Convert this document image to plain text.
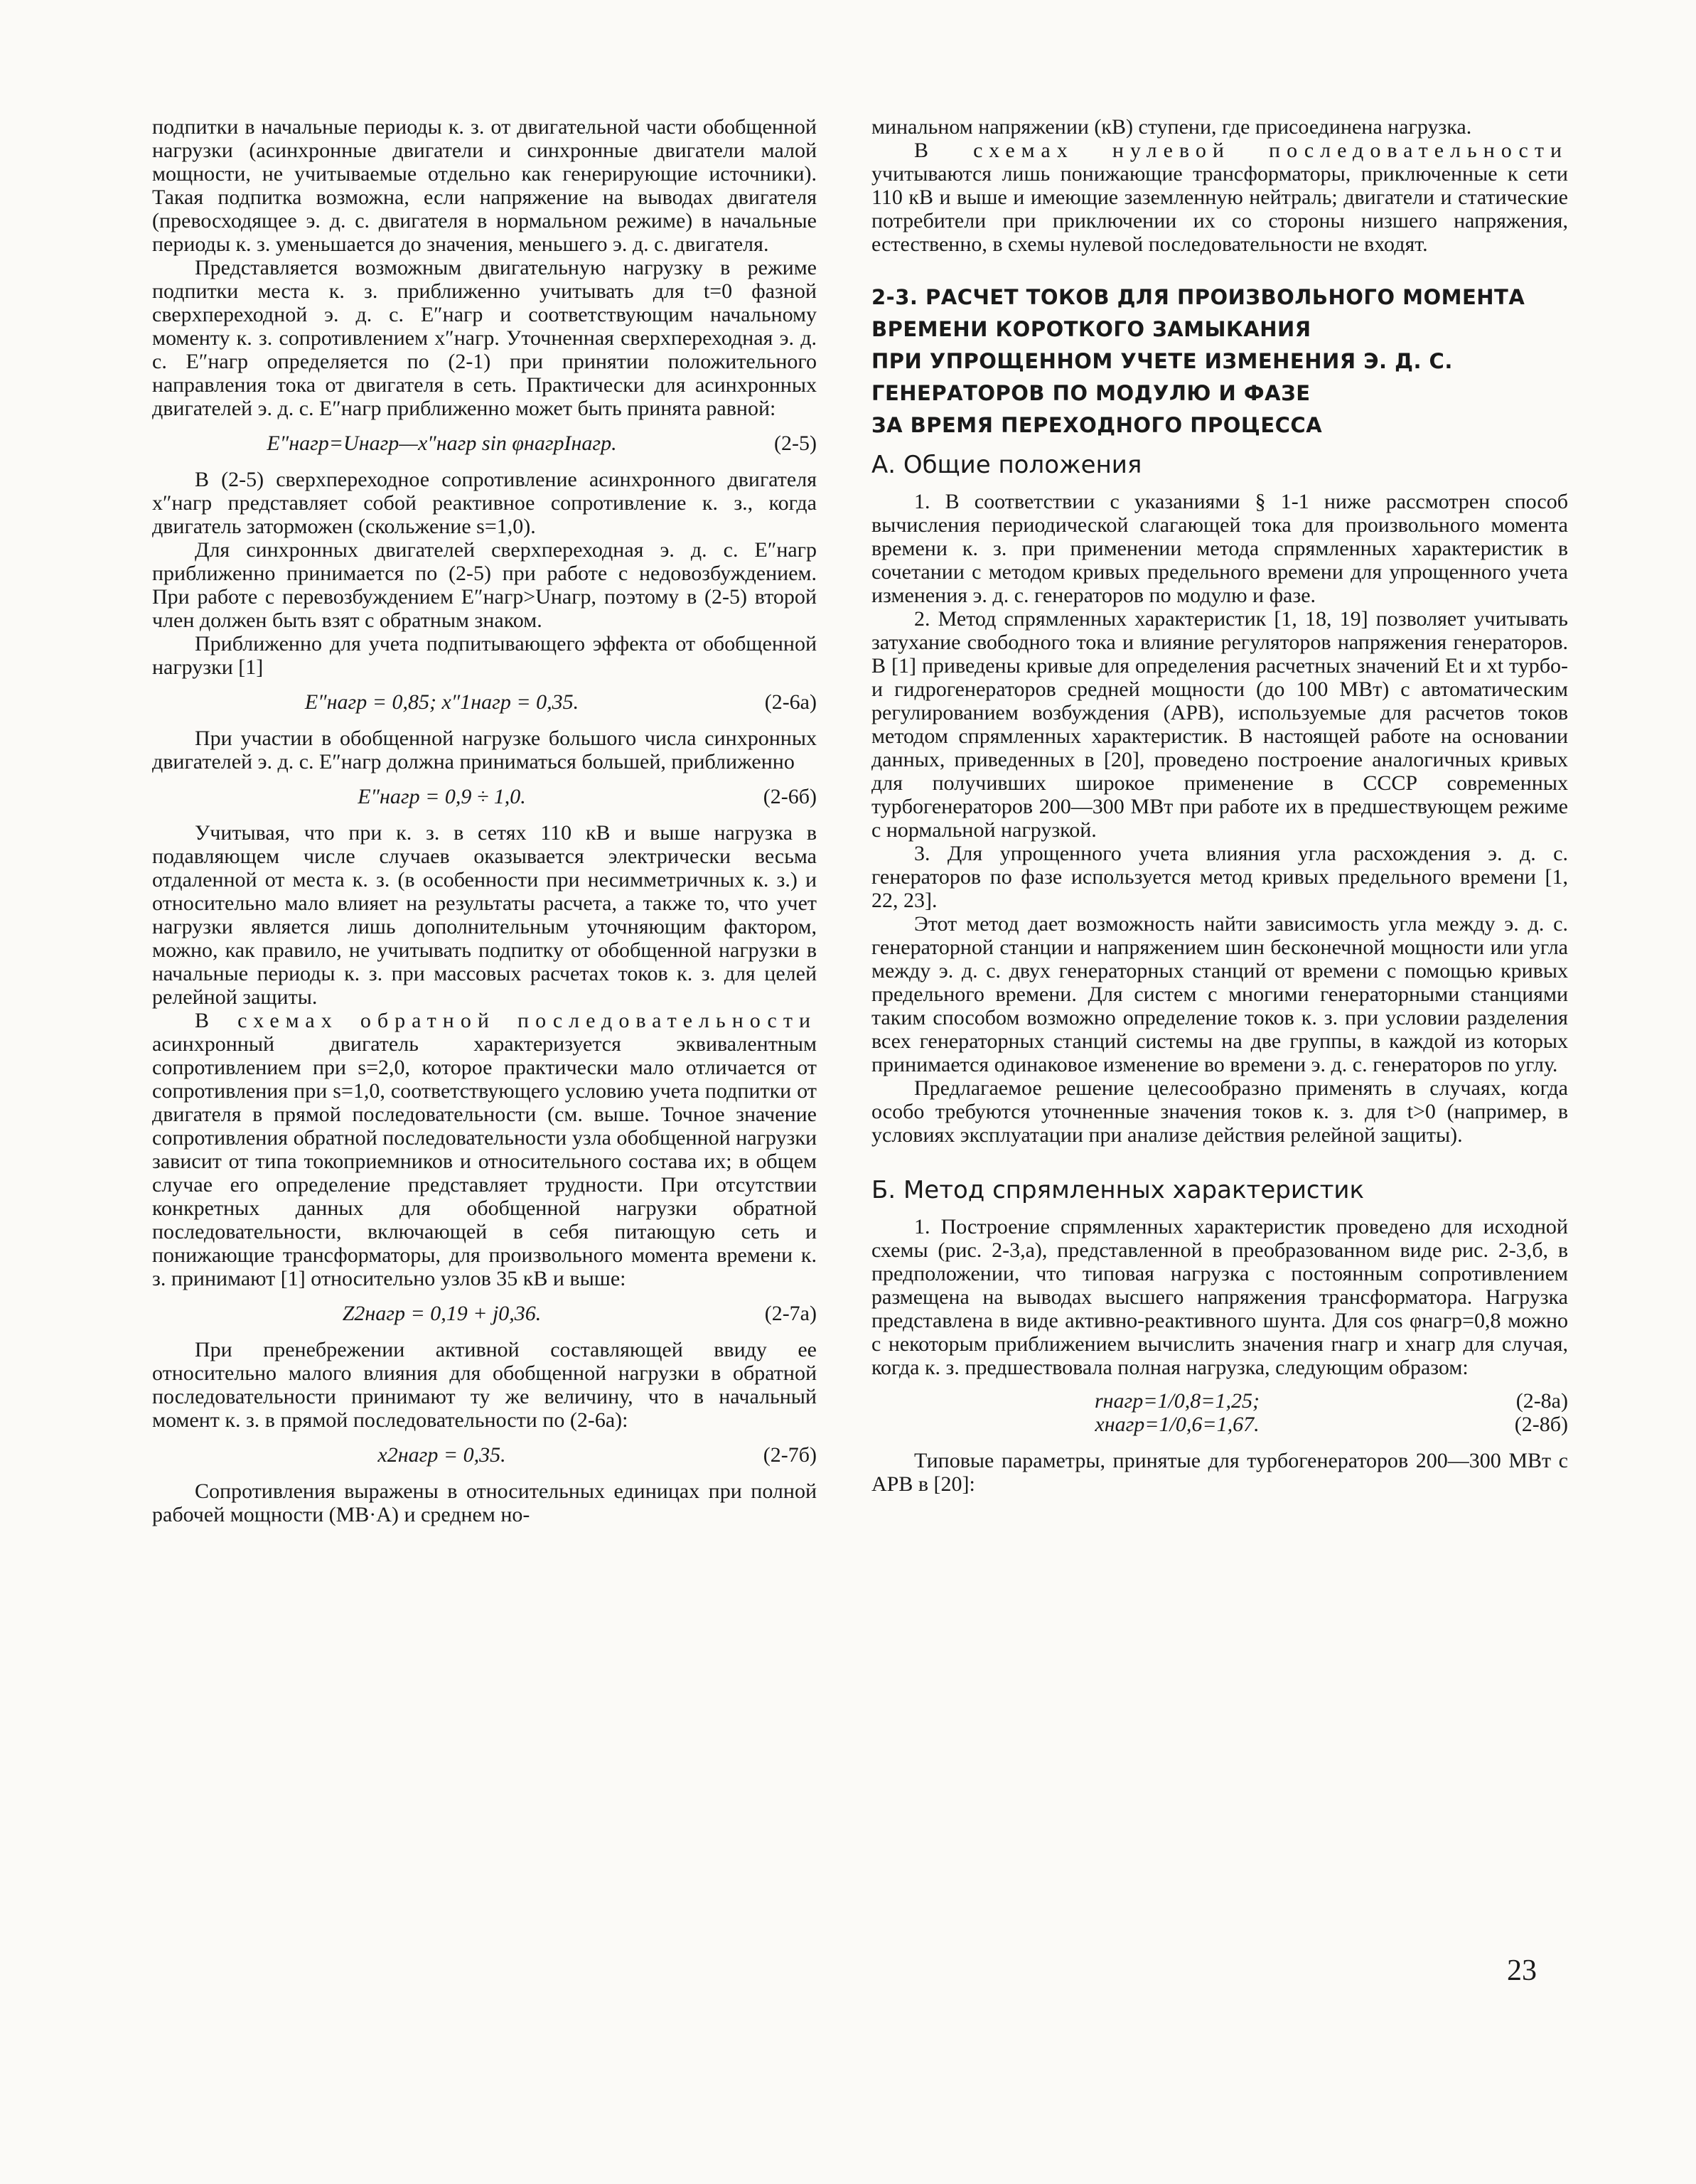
подпитки в начальные периоды к. з. от двигательной части обобщенной нагрузки (асинхронные двигатели и синхронные двигатели малой мощности, не учитываемые отдельно как генерирующие источники). Такая подпитка возможна, если напряжение на выводах двигателя (превосходящее э. д. с. двигателя в нормальном режиме) в начальные периоды к. з. уменьшается до значения, меньшего э. д. с. двигателя.

Представляется возможным двигательную нагрузку в режиме подпитки места к. з. приближенно учитывать для t=0 фазной сверхпереходной э. д. с. E″нагр и соответствующим начальному моменту к. з. сопротивлением x″нагр. Уточненная сверхпереходная э. д. с. E″нагр определяется по (2-1) при принятии положительного направления тока от двигателя в сеть. Практически для асинхронных двигателей э. д. с. E″нагр приближенно может быть принята равной:

E″нагр=Uнагр—x″нагр sin φнагрIнагр.	(2-5)

В (2-5) сверхпереходное сопротивление асинхронного двигателя x″нагр представляет собой реактивное сопротивление к. з., когда двигатель заторможен (скольжение s=1,0).

Для синхронных двигателей сверхпереходная э. д. с. E″нагр приближенно принимается по (2-5) при работе с недовозбуждением. При работе с перевозбуждением E″нагр>Uнагр, поэтому в (2-5) второй член должен быть взят с обратным знаком.

Приближенно для учета подпитывающего эффекта от обобщенной нагрузки [1]

E″нагр = 0,85; x″1нагр = 0,35.	(2-6а)

При участии в обобщенной нагрузке большого числа синхронных двигателей э. д. с. E″нагр должна приниматься большей, приближенно

E″нагр = 0,9 ÷ 1,0.	(2-6б)

Учитывая, что при к. з. в сетях 110 кВ и выше нагрузка в подавляющем числе случаев оказывается электрически весьма отдаленной от места к. з. (в особенности при несимметричных к. з.) и относительно мало влияет на результаты расчета, а также то, что учет нагрузки является лишь дополнительным уточняющим фактором, можно, как правило, не учитывать подпитку от обобщенной нагрузки в начальные периоды к. з. при массовых расчетах токов к. з. для целей релейной защиты.

В схемах обратной последовательности асинхронный двигатель характеризуется эквивалентным сопротивлением при s=2,0, которое практически мало отличается от сопротивления при s=1,0, соответствующего условию учета подпитки от двигателя в прямой последовательности (см. выше. Точное значение сопротивления обратной последовательности узла обобщенной нагрузки зависит от типа токоприемников и относительного состава их; в общем случае его определение представляет трудности. При отсутствии конкретных данных для обобщенной нагрузки обратной последовательности, включающей в себя питающую сеть и понижающие трансформаторы, для произвольного момента времени к. з. принимают [1] относительно узлов 35 кВ и выше:

Z2нагр = 0,19 + j0,36.	(2-7а)

При пренебрежении активной составляющей ввиду ее относительно малого влияния для обобщенной нагрузки в обратной последовательности принимают ту же величину, что в начальный момент к. з. в прямой последовательности по (2-6а):

x2нагр = 0,35.	(2-7б)

Сопротивления выражены в относительных единицах при полной рабочей мощности (МВ·А) и среднем но-

минальном напряжении (кВ) ступени, где присоединена нагрузка.

В схемах нулевой последовательности учитываются лишь понижающие трансформаторы, приключенные к сети 110 кВ и выше и имеющие заземленную нейтраль; двигатели и статические потребители при приключении их со стороны низшего напряжения, естественно, в схемы нулевой последовательности не входят.

2-3. РАСЧЕТ ТОКОВ ДЛЯ ПРОИЗВОЛЬНОГО МОМЕНТА
ВРЕМЕНИ КОРОТКОГО ЗАМЫКАНИЯ
ПРИ УПРОЩЕННОМ УЧЕТЕ ИЗМЕНЕНИЯ Э. Д. С.
ГЕНЕРАТОРОВ ПО МОДУЛЮ И ФАЗЕ
ЗА ВРЕМЯ ПЕРЕХОДНОГО ПРОЦЕССА
А. Общие положения

1. В соответствии с указаниями § 1-1 ниже рассмотрен способ вычисления периодической слагающей тока для произвольного момента времени к. з. при применении метода спрямленных характеристик в сочетании с методом кривых предельного времени для упрощенного учета изменения э. д. с. генераторов по модулю и фазе.

2. Метод спрямленных характеристик [1, 18, 19] позволяет учитывать затухание свободного тока и влияние регуляторов напряжения генераторов. В [1] приведены кривые для определения расчетных значений Et и xt турбо- и гидрогенераторов средней мощности (до 100 МВт) с автоматическим регулированием возбуждения (АРВ), используемые для расчетов токов методом спрямленных характеристик. В настоящей работе на основании данных, приведенных в [20], проведено построение аналогичных кривых для получивших широкое применение в СССР современных турбогенераторов 200—300 МВт при работе их в предшествующем режиме с нормальной нагрузкой.

3. Для упрощенного учета влияния угла расхождения э. д. с. генераторов по фазе используется метод кривых предельного времени [1, 22, 23].

Этот метод дает возможность найти зависимость угла между э. д. с. генераторной станции и напряжением шин бесконечной мощности или угла между э. д. с. двух генераторных станций от времени с помощью кривых предельного времени. Для систем с многими генераторными станциями таким способом возможно определение токов к. з. при условии разделения всех генераторных станций системы на две группы, в каждой из которых принимается одинаковое изменение во времени э. д. с. генераторов по углу.

Предлагаемое решение целесообразно применять в случаях, когда особо требуются уточненные значения токов к. з. для t>0 (например, в условиях эксплуатации при анализе действия релейной защиты).

Б. Метод спрямленных характеристик

1. Построение спрямленных характеристик проведено для исходной схемы (рис. 2-3,а), представленной в преобразованном виде рис. 2-3,б, в предположении, что типовая нагрузка с постоянным сопротивлением размещена на выводах высшего напряжения трансформатора. Нагрузка представлена в виде активно-реактивного шунта. Для cos φнагр=0,8 можно с некоторым приближением вычислить значения rнагр и xнагр для случая, когда к. з. предшествовала полная нагрузка, следующим образом:

rнагр=1/0,8=1,25;	(2-8а)
xнагр=1/0,6=1,67.	(2-8б)

Типовые параметры, принятые для турбогенераторов 200—300 МВт с АРВ в [20]:

23
